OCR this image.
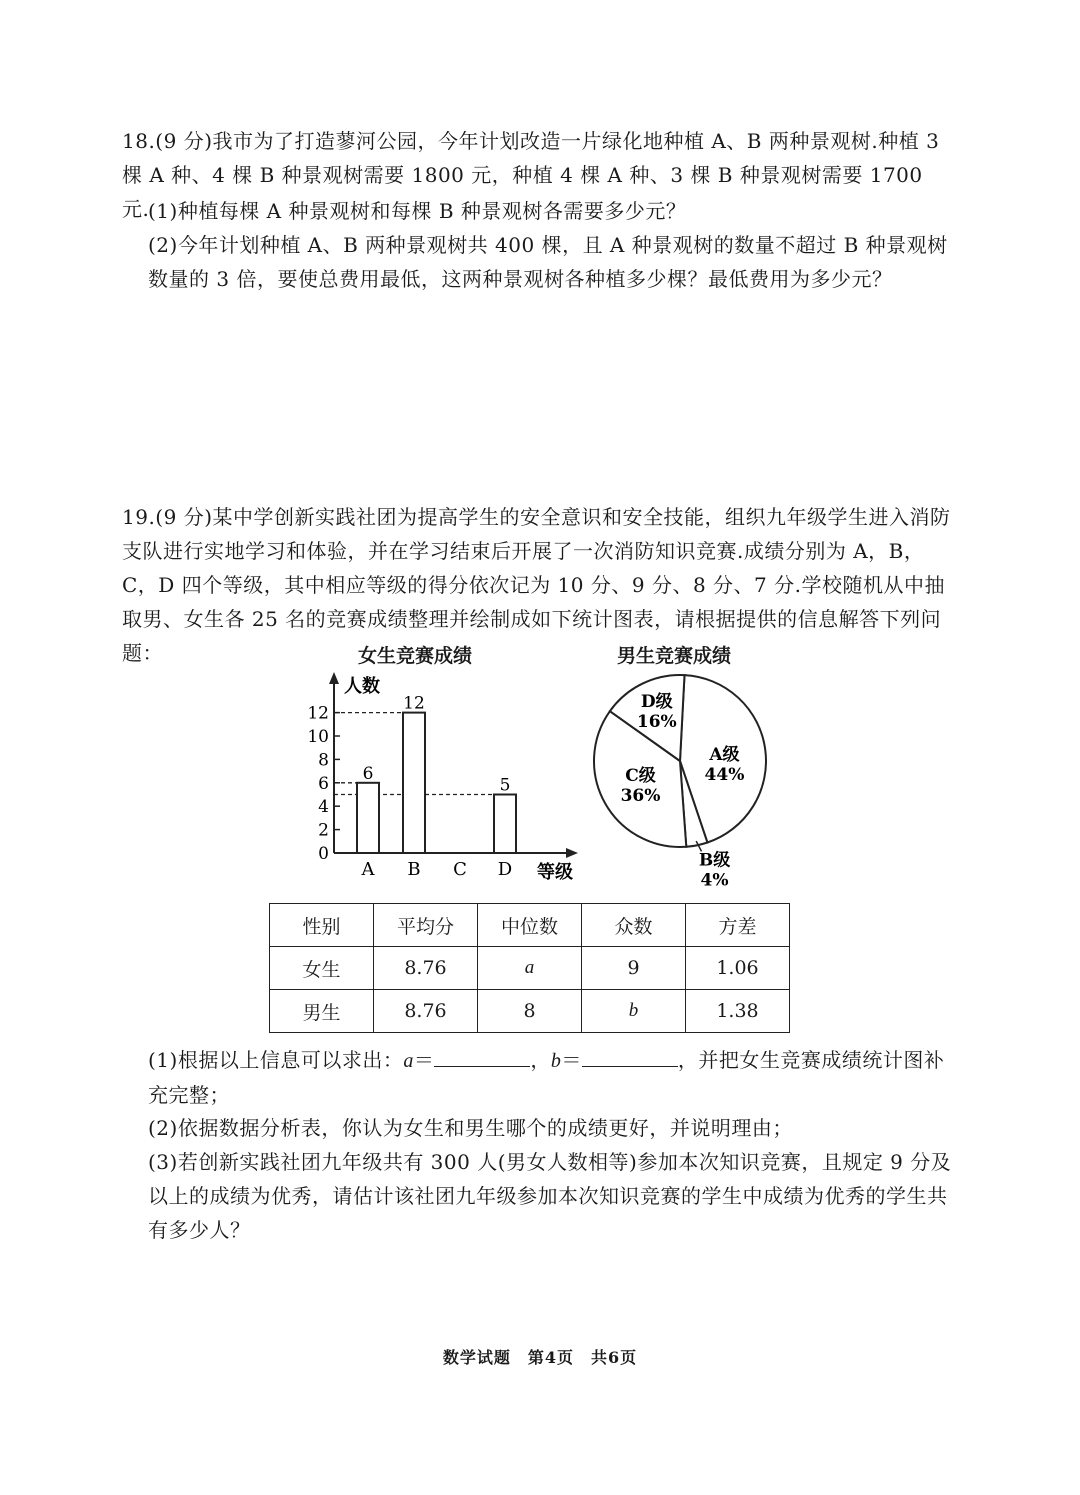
18.(9 分)我市为了打造蓼河公园，今年计划改造一片绿化地种植 A、B 两种景观树.种植 3 棵 A 种、4 棵 B 种景观树需要 1800 元，种植 4 棵 A 种、3 棵 B 种景观树需要 1700 元.
(1)种植每棵 A 种景观树和每棵 B 种景观树各需要多少元？
(2)今年计划种植 A、B 两种景观树共 400 棵，且 A 种景观树的数量不超过 B 种景观树数量的 3 倍，要使总费用最低，这两种景观树各种植多少棵？最低费用为多少元？
19.(9 分)某中学创新实践社团为提高学生的安全意识和安全技能，组织九年级学生进入消防支队进行实地学习和体验，并在学习结束后开展了一次消防知识竞赛.成绩分别为 A，B，C，D 四个等级，其中相应等级的得分依次记为 10 分、9 分、8 分、7 分.学校随机从中抽取男、女生各 25 名的竞赛成绩整理并绘制成如下统计图表，请根据提供的信息解答下列问题：	女生竞赛成绩	男生竞赛成绩
人数
等级
0
2
4
6
8
10
12
6
A
12
B C
5
D
A级
44%
B级
4%
C级
36%
D级
16%
性别	平均分	中位数	众数	方差
女生	8.76	a	9	1.06
男生	8.76	8	b	1.38
(1)根据以上信息可以求出：a＝	，b＝	，并把女生竞赛成绩统计图补充完整；
(2)依据数据分析表，你认为女生和男生哪个的成绩更好，并说明理由；
(3)若创新实践社团九年级共有 300 人(男女人数相等)参加本次知识竞赛，且规定 9 分及以上的成绩为优秀，请估计该社团九年级参加本次知识竞赛的学生中成绩为优秀的学生共有多少人？
数学试题　第4页　共6页
